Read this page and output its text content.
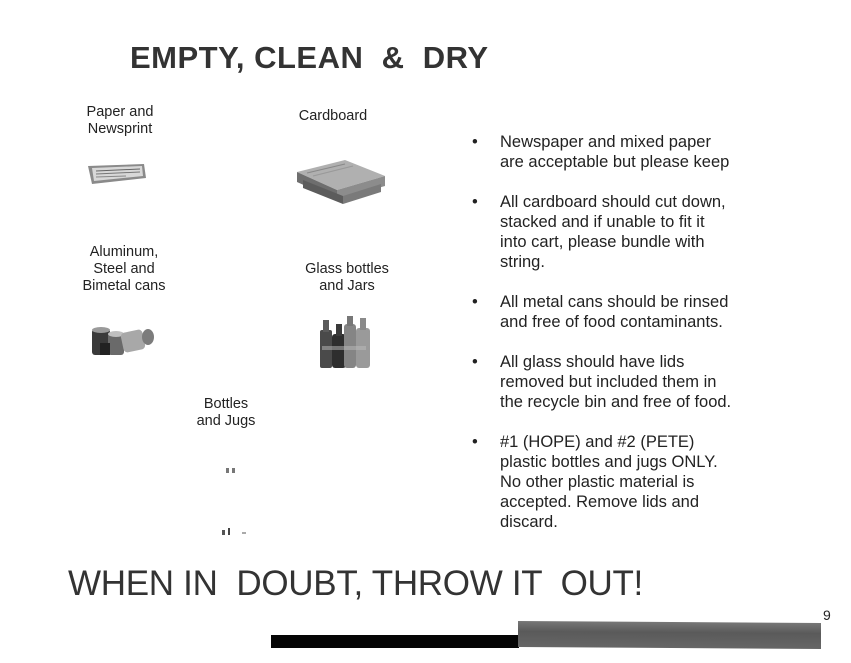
EMPTY, CLEAN  &  DRY
Paper and
Newsprint
Cardboard
Aluminum,
Steel and
Bimetal cans
Glass bottles
and Jars
Bottles
and Jugs
•	Newspaper and mixed paper
are acceptable but please keep
•	All cardboard should cut down,
stacked and if unable to fit it
into cart, please bundle with
string.
•	All metal cans should be rinsed
and free of food contaminants.
•	All glass should have lids
removed but included them in
the recycle bin and free of food.
•	#1 (HOPE) and #2 (PETE)
plastic bottles and jugs ONLY.
No other plastic material is
accepted. Remove lids and
discard.
WHEN IN  DOUBT, THROW IT  OUT!
9
